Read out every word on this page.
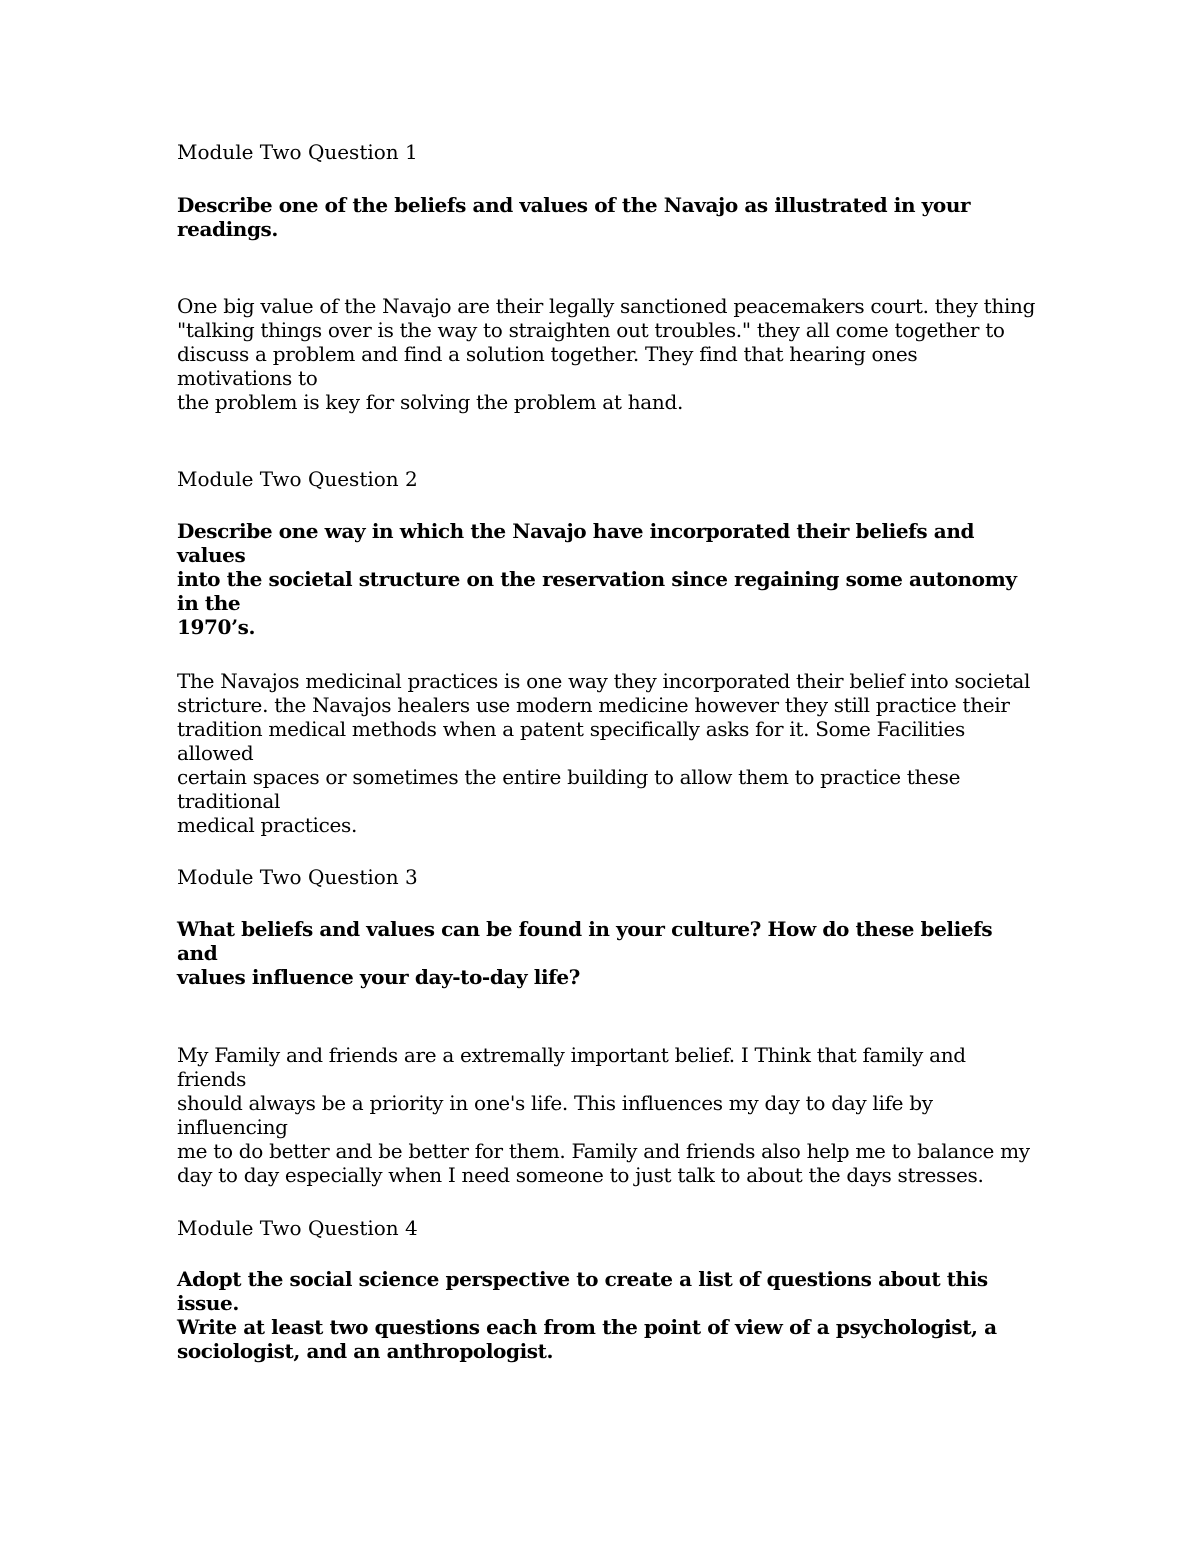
Module Two Question 1
Describe one of the beliefs and values of the Navajo as illustrated in your readings.
One big value of the Navajo are their legally sanctioned peacemakers court. they thing
"talking things over is the way to straighten out troubles." they all come together to
discuss a problem and find a solution together. They find that hearing ones motivations to
the problem is key for solving the problem at hand.
Module Two Question 2
Describe one way in which the Navajo have incorporated their beliefs and values
into the societal structure on the reservation since regaining some autonomy in the
1970’s.
The Navajos medicinal practices is one way they incorporated their belief into societal
stricture. the Navajos healers use modern medicine however they still practice their
tradition medical methods when a patent specifically asks for it. Some Facilities allowed
certain spaces or sometimes the entire building to allow them to practice these traditional
medical practices.
Module Two Question 3
What beliefs and values can be found in your culture? How do these beliefs and
values influence your day-to-day life?
My Family and friends are a extremally important belief. I Think that family and friends
should always be a priority in one's life. This influences my day to day life by influencing
me to do better and be better for them. Family and friends also help me to balance my
day to day especially when I need someone to just talk to about the days stresses.
Module Two Question 4
Adopt the social science perspective to create a list of questions about this issue.
Write at least two questions each from the point of view of a psychologist, a
sociologist, and an anthropologist.
